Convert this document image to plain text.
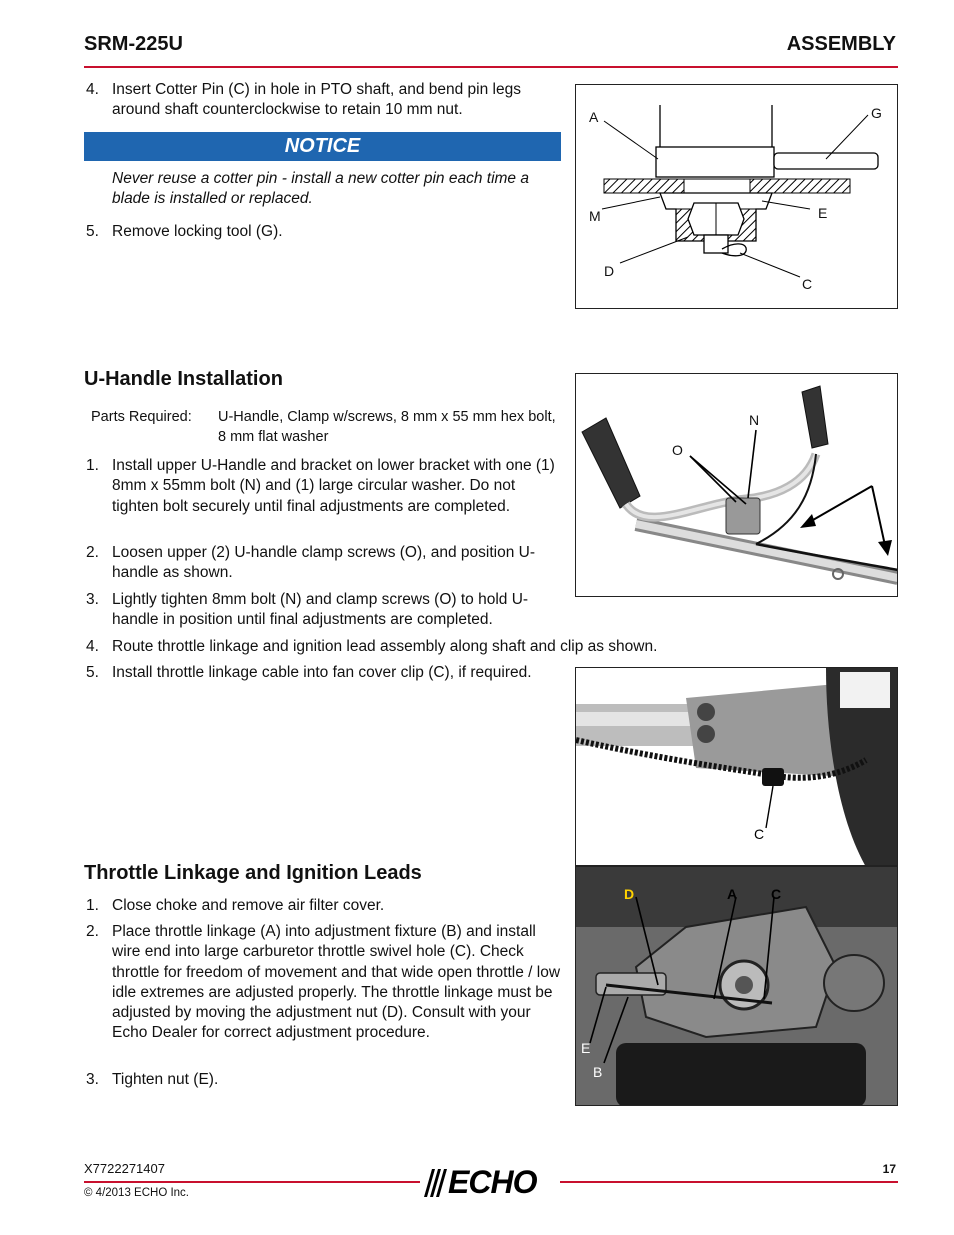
SRM-225U	ASSEMBLY
4. Insert Cotter Pin (C) in hole in PTO shaft, and bend pin legs around shaft counterclockwise to retain 10 mm nut.
NOTICE
Never reuse a cotter pin - install a new cotter pin each time a blade is installed or replaced.
5. Remove locking tool (G).
A	G
M	E
D
C
U-Handle Installation
Parts Required: U-Handle, Clamp w/screws, 8 mm x 55 mm hex bolt, 8 mm flat washer
1. Install upper U-Handle and bracket on lower bracket with one (1) 8mm x 55mm bolt (N) and (1) large circular washer. Do not tighten bolt securely until final adjustments are completed.
2. Loosen upper (2) U-handle clamp screws (O), and position U-handle as shown.
3. Lightly tighten 8mm bolt (N) and clamp screws (O) to hold U-handle in position until final adjustments are completed.
4. Route throttle linkage and ignition lead assembly along shaft and clip as shown.
5. Install throttle linkage cable into fan cover clip (C), if required.
N
O
C
Throttle Linkage and Ignition Leads
1. Close choke and remove air filter cover.
2. Place throttle linkage (A) into adjustment fixture (B) and install wire end into large carburetor throttle swivel hole (C). Check throttle for freedom of movement and that wide open throttle / low idle extremes are adjusted properly. The throttle linkage must be adjusted by moving the adjustment nut (D). Consult with your Echo Dealer for correct adjustment procedure.
3. Tighten nut (E).
D	A C
E
B
X7722271407	17
ECHO
© 4/2013 ECHO Inc.
